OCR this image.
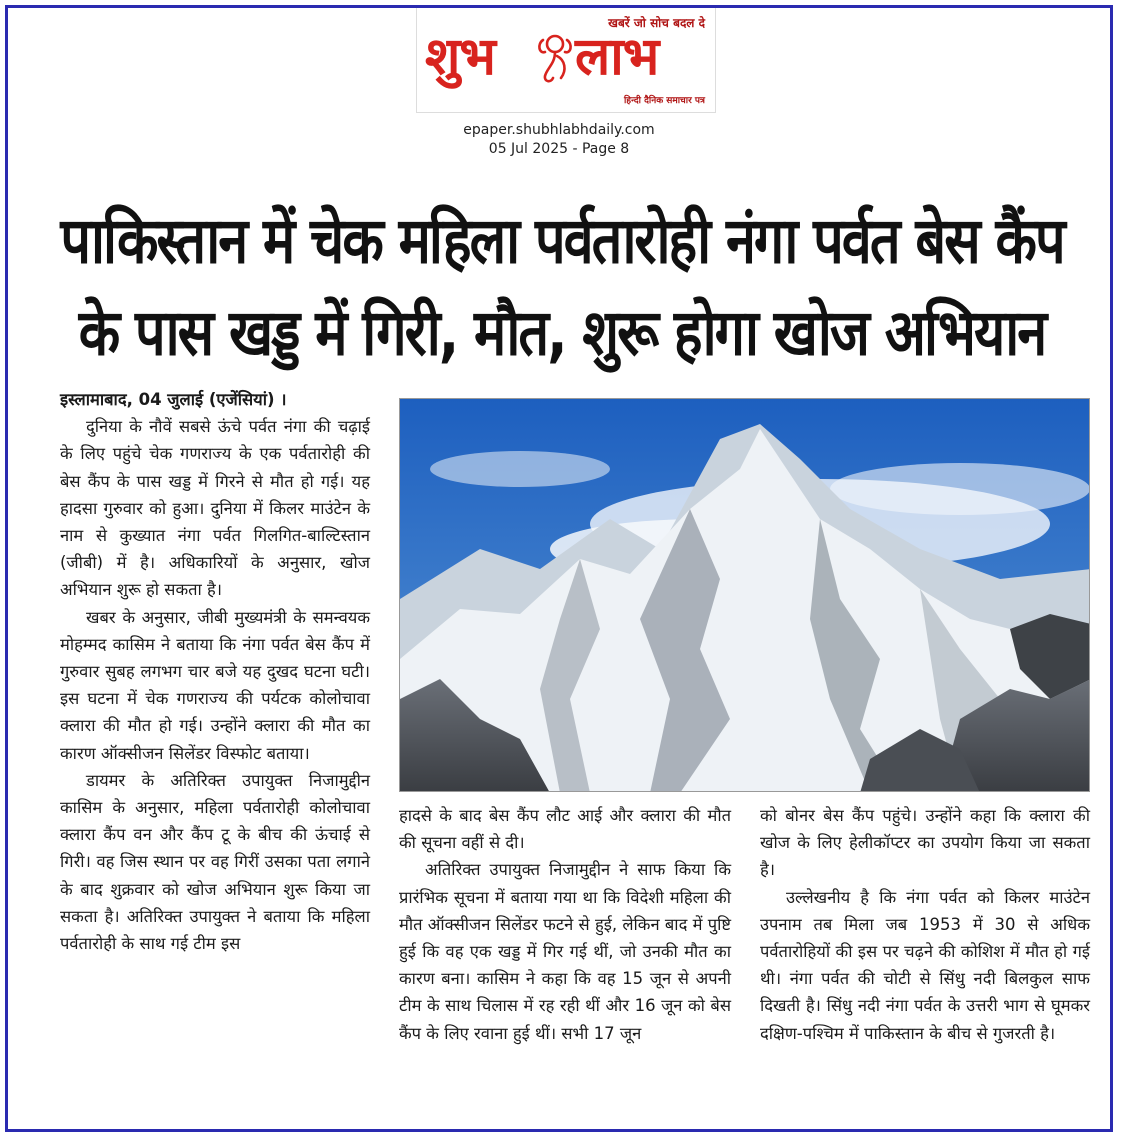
खबरें जो सोच बदल दे
शुभ लाभ
हिन्दी दैनिक समाचार पत्र
epaper.shubhlabhdaily.com
05 Jul 2025 - Page 8
पाकिस्तान में चेक महिला पर्वतारोही नंगा पर्वत बेस कैंप
के पास खड्ड में गिरी, मौत, शुरू होगा खोज अभियान
इस्लामाबाद, 04 जुलाई (एजेंसियां) ।

दुनिया के नौवें सबसे ऊंचे पर्वत नंगा की चढ़ाई के लिए पहुंचे चेक गणराज्य के एक पर्वतारोही की बेस कैंप के पास खड्ड में गिरने से मौत हो गई। यह हादसा गुरुवार को हुआ। दुनिया में किलर माउंटेन के नाम से कुख्यात नंगा पर्वत गिलगित-बाल्टिस्तान (जीबी) में है। अधिकारियों के अनुसार, खोज अभियान शुरू हो सकता है।

खबर के अनुसार, जीबी मुख्यमंत्री के समन्वयक मोहम्मद कासिम ने बताया कि नंगा पर्वत बेस कैंप में गुरुवार सुबह लगभग चार बजे यह दुखद घटना घटी। इस घटना में चेक गणराज्य की पर्यटक कोलोचावा क्लारा की मौत हो गई। उन्होंने क्लारा की मौत का कारण ऑक्सीजन सिलेंडर विस्फोट बताया।

डायमर के अतिरिक्त उपायुक्त निजामुद्दीन कासिम के अनुसार, महिला पर्वतारोही कोलोचावा क्लारा कैंप वन और कैंप टू के बीच की ऊंचाई से गिरी। वह जिस स्थान पर वह गिरीं उसका पता लगाने के बाद शुक्रवार को खोज अभियान शुरू किया जा सकता है। अतिरिक्त उपायुक्त ने बताया कि महिला पर्वतारोही के साथ गई टीम इस

हादसे के बाद बेस कैंप लौट आई और क्लारा की मौत की सूचना वहीं से दी।

अतिरिक्त उपायुक्त निजामुद्दीन ने साफ किया कि प्रारंभिक सूचना में बताया गया था कि विदेशी महिला की मौत ऑक्सीजन सिलेंडर फटने से हुई, लेकिन बाद में पुष्टि हुई कि वह एक खड्ड में गिर गई थीं, जो उनकी मौत का कारण बना। कासिम ने कहा कि वह 15 जून से अपनी टीम के साथ चिलास में रह रही थीं और 16 जून को बेस कैंप के लिए रवाना हुई थीं। सभी 17 जून

को बोनर बेस कैंप पहुंचे। उन्होंने कहा कि क्लारा की खोज के लिए हेलीकॉप्टर का उपयोग किया जा सकता है।

उल्लेखनीय है कि नंगा पर्वत को किलर माउंटेन उपनाम तब मिला जब 1953 में 30 से अधिक पर्वतारोहियों की इस पर चढ़ने की कोशिश में मौत हो गई थी। नंगा पर्वत की चोटी से सिंधु नदी बिलकुल साफ दिखती है। सिंधु नदी नंगा पर्वत के उत्तरी भाग से घूमकर दक्षिण-पश्चिम में पाकिस्तान के बीच से गुजरती है।
